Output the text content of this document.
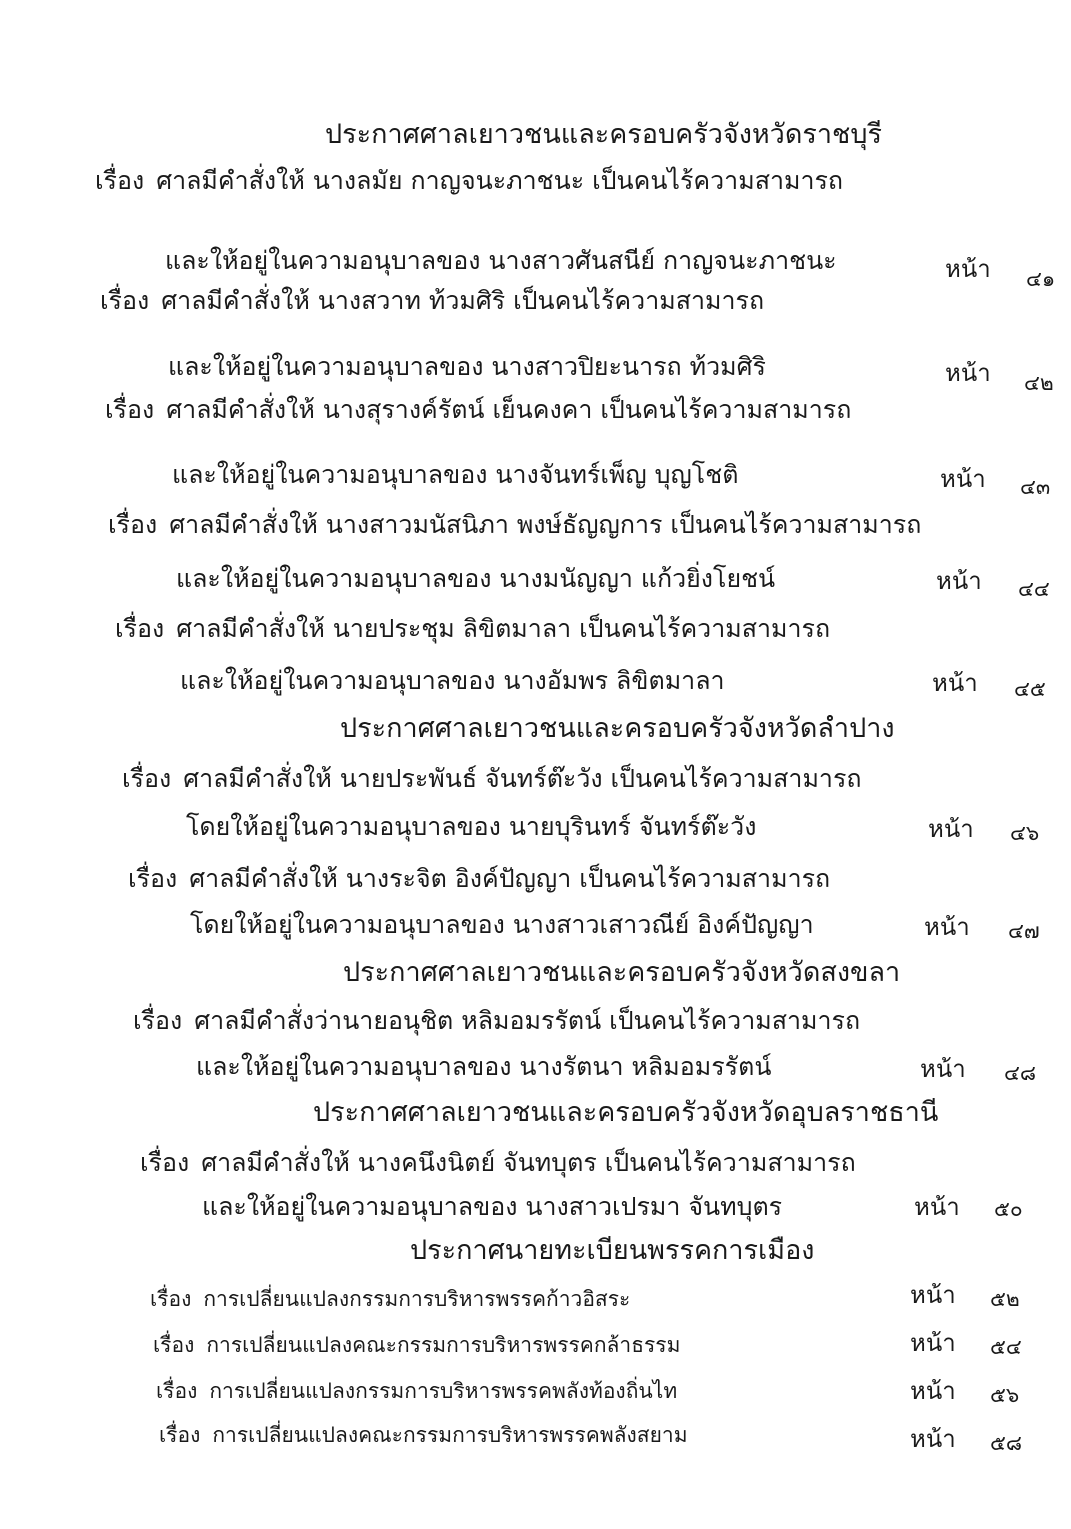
ประกาศศาลเยาวชนและครอบครัวจังหวัดราชบุรี
เรื่อง ศาลมีคำสั่งให้ นางลมัย กาญจนะภาชนะ เป็นคนไร้ความสามารถ
และให้อยู่ในความอนุบาลของ นางสาวศันสนีย์ กาญจนะภาชนะ	หน้า ๔๑
เรื่อง ศาลมีคำสั่งให้ นางสวาท ท้วมศิริ เป็นคนไร้ความสามารถ
และให้อยู่ในความอนุบาลของ นางสาวปิยะนารถ ท้วมศิริ	หน้า ๔๒
เรื่อง ศาลมีคำสั่งให้ นางสุรางค์รัตน์ เย็นคงคา เป็นคนไร้ความสามารถ
และให้อยู่ในความอนุบาลของ นางจันทร์เพ็ญ บุญโชติ	หน้า ๔๓
เรื่อง ศาลมีคำสั่งให้ นางสาวมนัสนิภา พงษ์ธัญญการ เป็นคนไร้ความสามารถ
และให้อยู่ในความอนุบาลของ นางมนัญญา แก้วยิ่งโยชน์	หน้า ๔๔
เรื่อง ศาลมีคำสั่งให้ นายประชุม ลิขิตมาลา เป็นคนไร้ความสามารถ
และให้อยู่ในความอนุบาลของ นางอัมพร ลิขิตมาลา	หน้า ๔๕
ประกาศศาลเยาวชนและครอบครัวจังหวัดลำปาง
เรื่อง ศาลมีคำสั่งให้ นายประพันธ์ จันทร์ต๊ะวัง เป็นคนไร้ความสามารถ
โดยให้อยู่ในความอนุบาลของ นายบุรินทร์ จันทร์ต๊ะวัง	หน้า ๔๖
เรื่อง ศาลมีคำสั่งให้ นางระจิต อิงค์ปัญญา เป็นคนไร้ความสามารถ
โดยให้อยู่ในความอนุบาลของ นางสาวเสาวณีย์ อิงค์ปัญญา	หน้า ๔๗
ประกาศศาลเยาวชนและครอบครัวจังหวัดสงขลา
เรื่อง ศาลมีคำสั่งว่านายอนุชิต หลิมอมรรัตน์ เป็นคนไร้ความสามารถ
และให้อยู่ในความอนุบาลของ นางรัตนา หลิมอมรรัตน์	หน้า ๔๘
ประกาศศาลเยาวชนและครอบครัวจังหวัดอุบลราชธานี
เรื่อง ศาลมีคำสั่งให้ นางคนึงนิตย์ จันทบุตร เป็นคนไร้ความสามารถ
และให้อยู่ในความอนุบาลของ นางสาวเปรมา จันทบุตร	หน้า ๕๐
ประกาศนายทะเบียนพรรคการเมือง
เรื่อง การเปลี่ยนแปลงกรรมการบริหารพรรคก้าวอิสระ	หน้า ๕๒
เรื่อง การเปลี่ยนแปลงคณะกรรมการบริหารพรรคกล้าธรรม	หน้า ๕๔
เรื่อง การเปลี่ยนแปลงกรรมการบริหารพรรคพลังท้องถิ่นไท	หน้า ๕๖
เรื่อง การเปลี่ยนแปลงคณะกรรมการบริหารพรรคพลังสยาม	หน้า ๕๘
